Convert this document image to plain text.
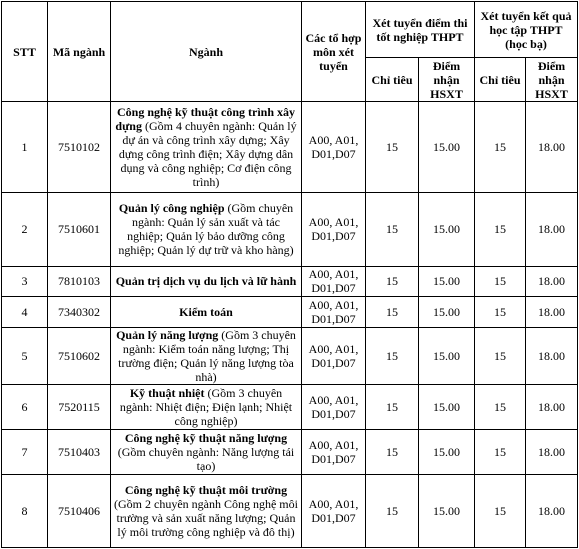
STT	Mã ngành	Ngành	Các tổ hợp môn xét tuyển	Xét tuyển điểm thi tốt nghiệp THPT		Xét tuyển kết quả học tập THPT (học bạ)	
				Chỉ tiêu	Điểm nhận HSXT	Chỉ tiêu	Điểm nhận HSXT
1	7510102	Công nghệ kỹ thuật công trình xây dựng (Gồm 4 chuyên ngành: Quản lý dự án và công trình xây dựng; Xây dựng công trình điện; Xây dựng dân dụng và công nghiệp; Cơ điện công trình)	A00, A01, D01,D07	15	15.00	15	18.00
2	7510601	Quản lý công nghiệp (Gồm chuyên ngành: Quản lý sản xuất và tác nghiệp; Quản lý bảo dưỡng công nghiệp; Quản lý dự trữ và kho hàng)	A00, A01, D01,D07	15	15.00	15	18.00
3	7810103	Quản trị dịch vụ du lịch và lữ hành	A00, A01, D01,D07	15	15.00	15	18.00
4	7340302	Kiểm toán	A00, A01, D01,D07	15	15.00	15	18.00
5	7510602	Quản lý năng lượng (Gồm 3 chuyên ngành: Kiểm toán năng lượng; Thị trường điện; Quản lý năng lượng tòa nhà)	A00, A01, D01,D07	15	15.00	15	18.00
6	7520115	Kỹ thuật nhiệt (Gồm 3 chuyên ngành: Nhiệt điện; Điện lạnh; Nhiệt công nghiệp)	A00, A01, D01,D07	15	15.00	15	18.00
7	7510403	Công nghệ kỹ thuật năng lượng (Gồm chuyên ngành: Năng lượng tái tạo)	A00, A01, D01,D07	15	15.00	15	18.00
8	7510406	Công nghệ kỹ thuật môi trường (Gồm 2 chuyên ngành Công nghệ môi trường và sản xuất năng lượng; Quản lý môi trường công nghiệp và đô thị)	A00, A01, D01,D07	15	15.00	15	18.00
